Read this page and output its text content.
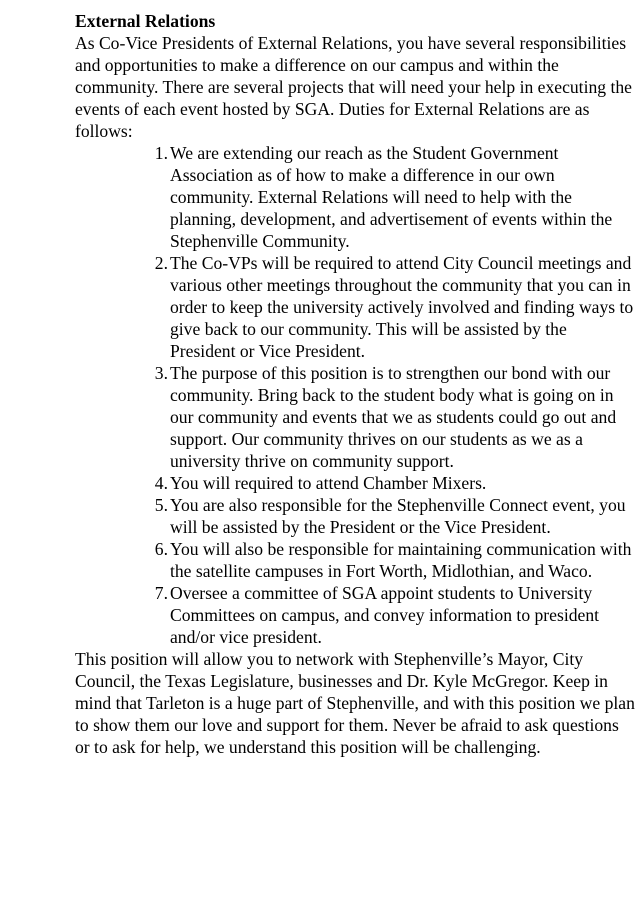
External Relations

As Co-Vice Presidents of External Relations, you have several responsibilities and opportunities to make a difference on our campus and within the community. There are several projects that will need your help in executing the events of each event hosted by SGA. Duties for External Relations are as follows:

1. We are extending our reach as the Student Government Association as of how to make a difference in our own community. External Relations will need to help with the planning, development, and advertisement of events within the Stephenville Community.
2. The Co-VPs will be required to attend City Council meetings and various other meetings throughout the community that you can in order to keep the university actively involved and finding ways to give back to our community. This will be assisted by the President or Vice President.
3. The purpose of this position is to strengthen our bond with our community. Bring back to the student body what is going on in our community and events that we as students could go out and support. Our community thrives on our students as we as a university thrive on community support.
4. You will required to attend Chamber Mixers.
5. You are also responsible for the Stephenville Connect event, you will be assisted by the President or the Vice President.
6. You will also be responsible for maintaining communication with the satellite campuses in Fort Worth, Midlothian, and Waco.
7. Oversee a committee of SGA appoint students to University Committees on campus, and convey information to president and/or vice president.

This position will allow you to network with Stephenville’s Mayor, City Council, the Texas Legislature, businesses and Dr. Kyle McGregor. Keep in mind that Tarleton is a huge part of Stephenville, and with this position we plan to show them our love and support for them. Never be afraid to ask questions or to ask for help, we understand this position will be challenging.
